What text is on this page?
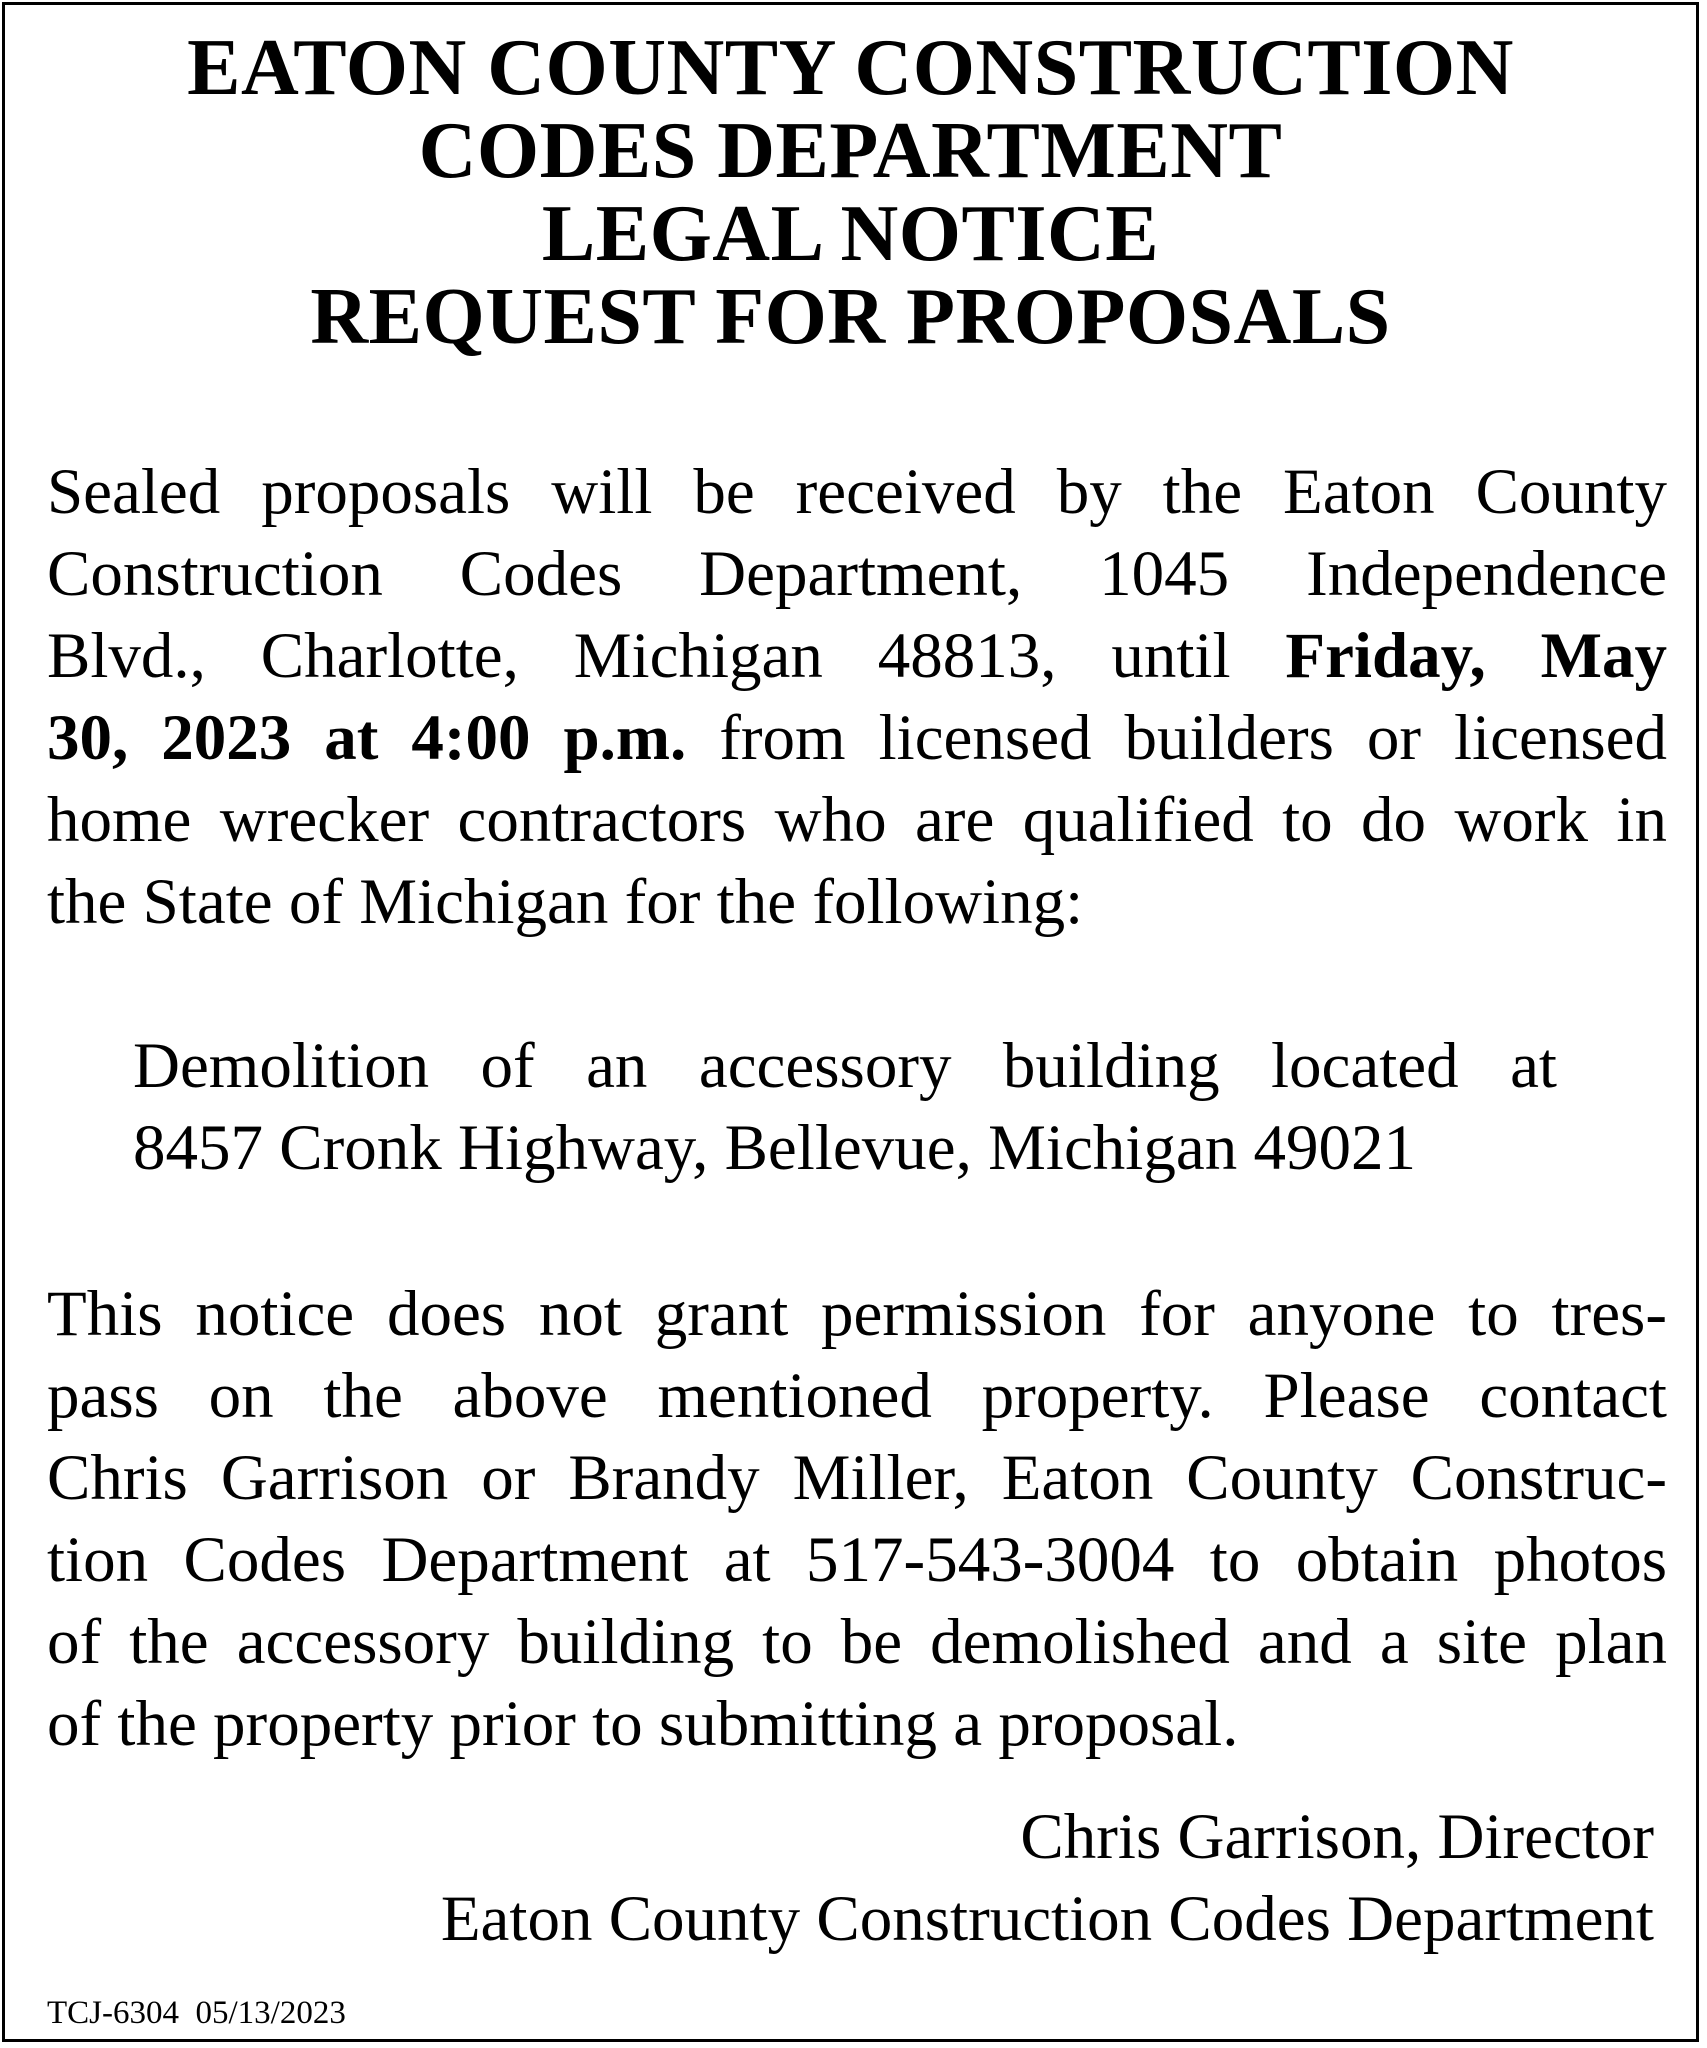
EATON COUNTY CONSTRUCTION
CODES DEPARTMENT
LEGAL NOTICE
REQUEST FOR PROPOSALS
Sealed proposals will be received by the Eaton County
Construction Codes Department, 1045 Independence
Blvd., Charlotte, Michigan 48813, until Friday, May
30, 2023 at 4:00 p.m. from licensed builders or licensed
home wrecker contractors who are qualified to do work in
the State of Michigan for the following:
Demolition of an accessory building located at
8457 Cronk Highway, Bellevue, Michigan 49021
This notice does not grant permission for anyone to tres-
pass on the above mentioned property. Please contact
Chris Garrison or Brandy Miller, Eaton County Construc-
tion Codes Department at 517-543-3004 to obtain photos
of the accessory building to be demolished and a site plan
of the property prior to submitting a proposal.
Chris Garrison, Director
Eaton County Construction Codes Department
TCJ-6304  05/13/2023
